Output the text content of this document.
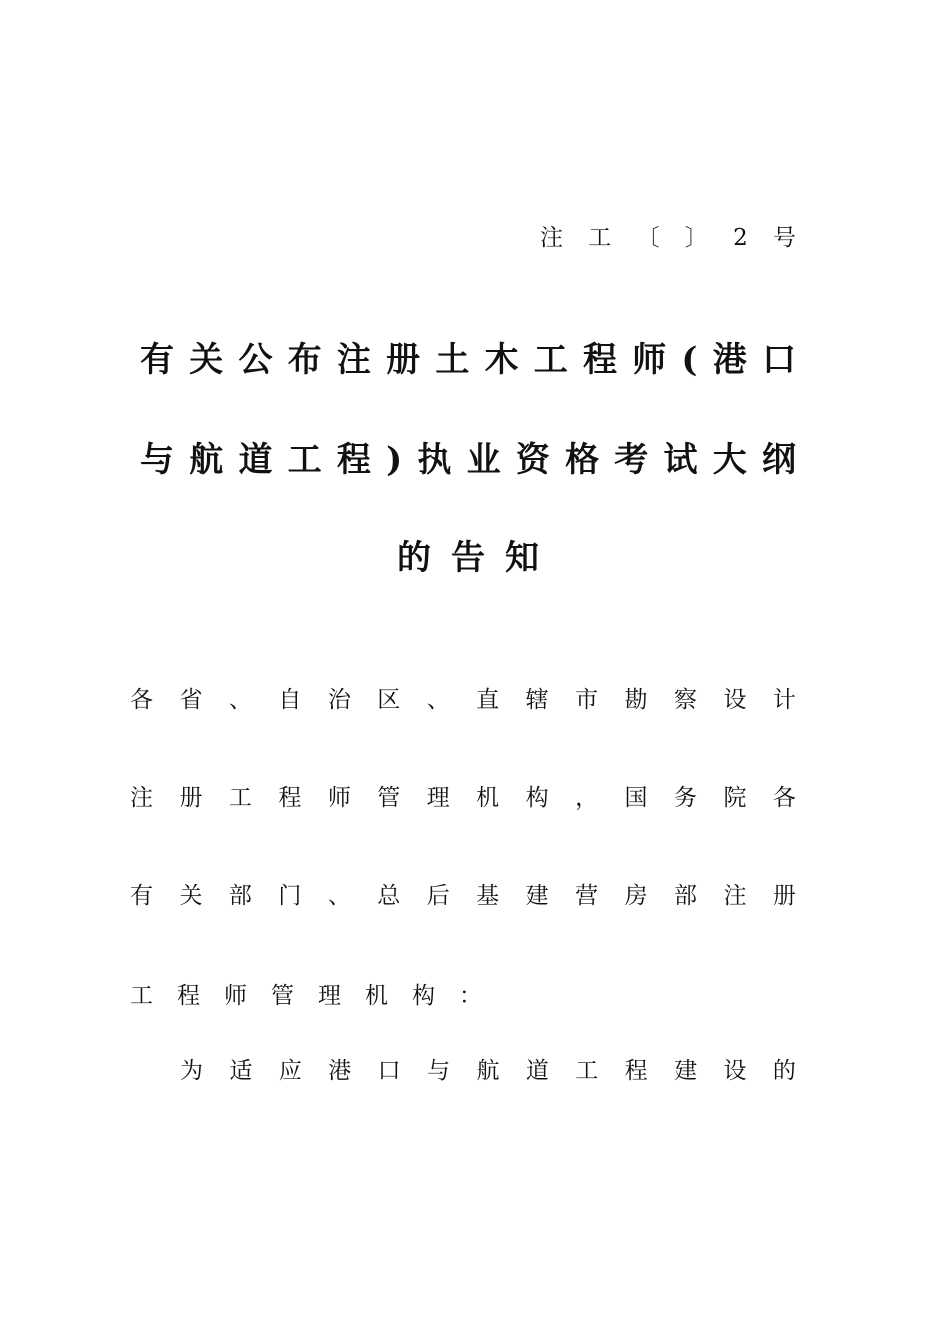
注 工 〔 〕 2 号
有 关 公 布 注 册 土 木 工 程 师 ( 港 口
与 航 道 工 程 ) 执 业 资 格 考 试 大 纲
的 告 知
各 省 、 自 治 区 、 直 辖 市 勘 察 设 计
注 册 工 程 师 管 理 机 构 ， 国 务 院 各
有 关 部 门 、 总 后 基 建 营 房 部 注 册
工 程 师 管 理 机 构 ：
为 适 应 港 口 与 航 道 工 程 建 设 的
